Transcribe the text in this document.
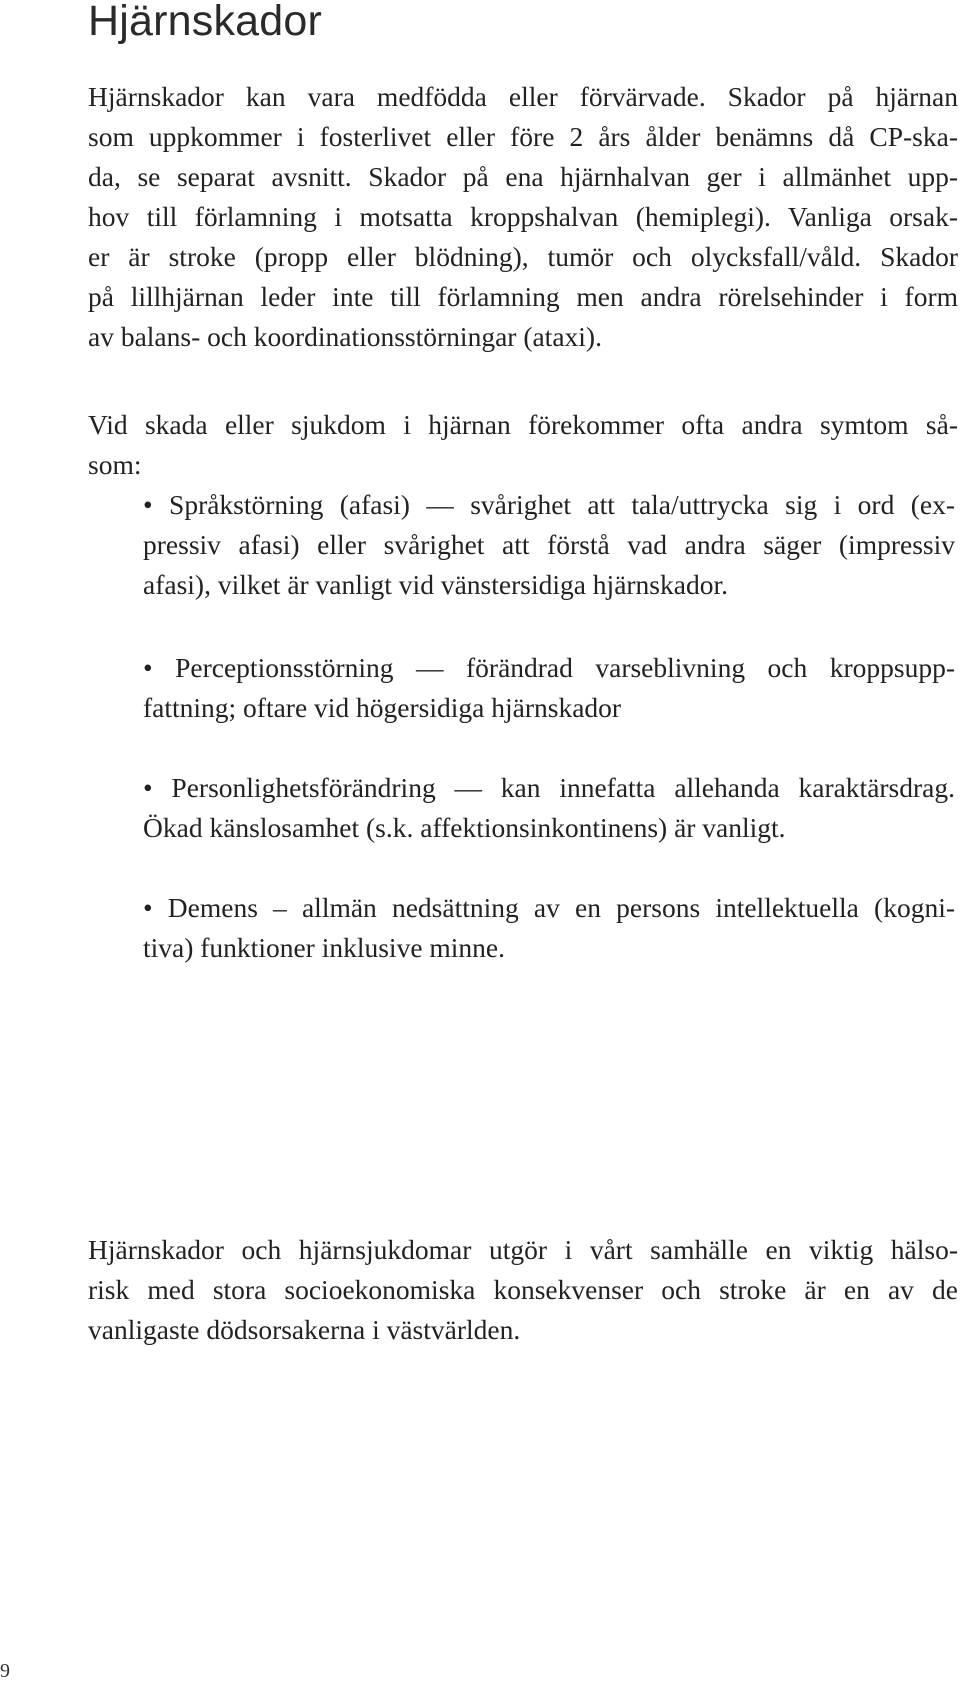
Hjärnskador

Hjärnskador kan vara medfödda eller förvärvade. Skador på hjärnan
som uppkommer i fosterlivet eller före 2 års ålder benämns då CP-ska-
da, se separat avsnitt. Skador på ena hjärnhalvan ger i allmänhet upp-
hov till förlamning i motsatta kroppshalvan (hemiplegi). Vanliga orsak-
er är stroke (propp eller blödning), tumör och olycksfall/våld. Skador
på lillhjärnan leder inte till förlamning men andra rörelsehinder i form
av balans- och koordinationsstörningar (ataxi).

Vid skada eller sjukdom i hjärnan förekommer ofta andra symtom så-
som:

• Språkstörning (afasi) — svårighet att tala/uttrycka sig i ord (ex-
pressiv afasi) eller svårighet att förstå vad andra säger (impressiv
afasi), vilket är vanligt vid vänstersidiga hjärnskador.
• Perceptionsstörning — förändrad varseblivning och kroppsupp-
fattning; oftare vid högersidiga hjärnskador
• Personlighetsförändring — kan innefatta allehanda karaktärsdrag.
Ökad känslosamhet (s.k. affektionsinkontinens) är vanligt.
• Demens – allmän nedsättning av en persons intellektuella (kogni-
tiva) funktioner inklusive minne.

Hjärnskador och hjärnsjukdomar utgör i vårt samhälle en viktig hälso-
risk med stora socioekonomiska konsekvenser och stroke är en av de
vanligaste dödsorsakerna i västvärlden.

9
